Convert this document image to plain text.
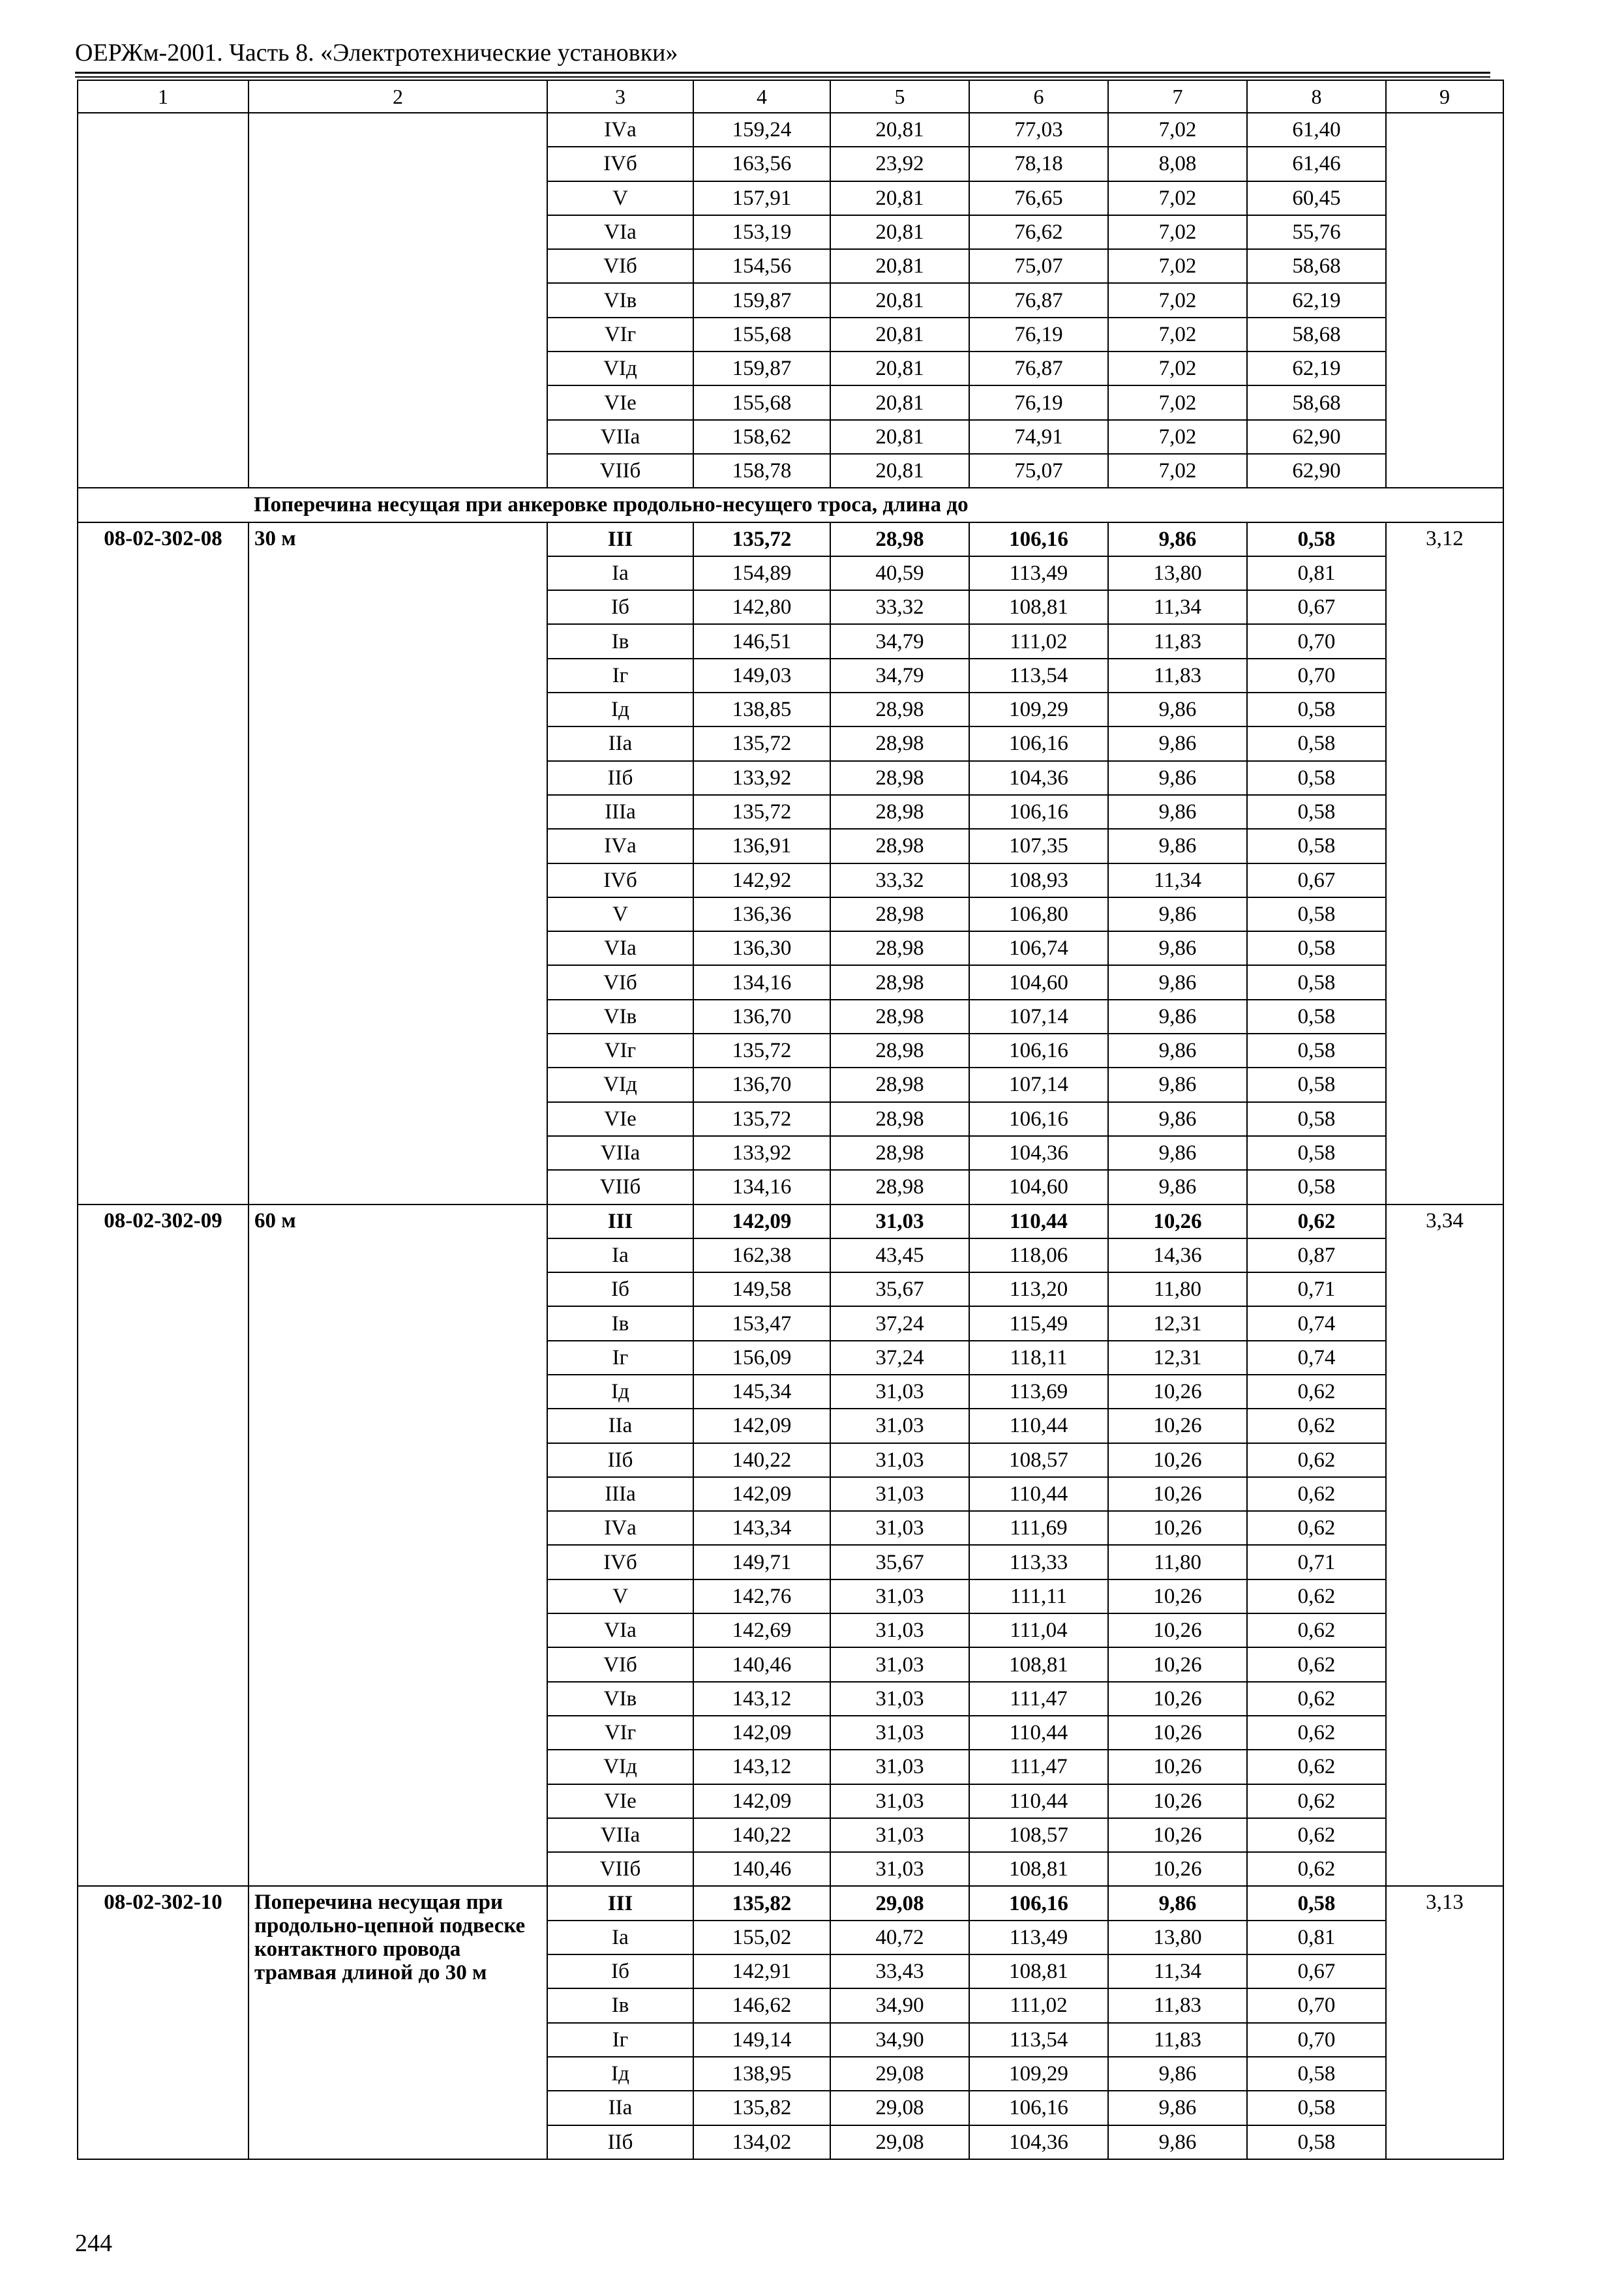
ОЕРЖм-2001. Часть 8. «Электротехнические установки»
1	2	3	4	5	6	7	8	9
		IVа	159,24	20,81	77,03	7,02	61,40	
		IVб	163,56	23,92	78,18	8,08	61,46	
		V	157,91	20,81	76,65	7,02	60,45	
		VIа	153,19	20,81	76,62	7,02	55,76	
		VIб	154,56	20,81	75,07	7,02	58,68	
		VIв	159,87	20,81	76,87	7,02	62,19	
		VIг	155,68	20,81	76,19	7,02	58,68	
		VIд	159,87	20,81	76,87	7,02	62,19	
		VIе	155,68	20,81	76,19	7,02	58,68	
		VIIа	158,62	20,81	74,91	7,02	62,90	
		VIIб	158,78	20,81	75,07	7,02	62,90	
	Поперечина несущая при анкеровке продольно-несущего троса, длина до							
08-02-302-08	30 м	III	135,72	28,98	106,16	9,86	0,58	3,12
		Iа	154,89	40,59	113,49	13,80	0,81	
		Iб	142,80	33,32	108,81	11,34	0,67	
		Iв	146,51	34,79	111,02	11,83	0,70	
		Iг	149,03	34,79	113,54	11,83	0,70	
		Iд	138,85	28,98	109,29	9,86	0,58	
		IIа	135,72	28,98	106,16	9,86	0,58	
		IIб	133,92	28,98	104,36	9,86	0,58	
		IIIа	135,72	28,98	106,16	9,86	0,58	
		IVа	136,91	28,98	107,35	9,86	0,58	
		IVб	142,92	33,32	108,93	11,34	0,67	
		V	136,36	28,98	106,80	9,86	0,58	
		VIа	136,30	28,98	106,74	9,86	0,58	
		VIб	134,16	28,98	104,60	9,86	0,58	
		VIв	136,70	28,98	107,14	9,86	0,58	
		VIг	135,72	28,98	106,16	9,86	0,58	
		VIд	136,70	28,98	107,14	9,86	0,58	
		VIе	135,72	28,98	106,16	9,86	0,58	
		VIIа	133,92	28,98	104,36	9,86	0,58	
		VIIб	134,16	28,98	104,60	9,86	0,58	
08-02-302-09	60 м	III	142,09	31,03	110,44	10,26	0,62	3,34
		Iа	162,38	43,45	118,06	14,36	0,87	
		Iб	149,58	35,67	113,20	11,80	0,71	
		Iв	153,47	37,24	115,49	12,31	0,74	
		Iг	156,09	37,24	118,11	12,31	0,74	
		Iд	145,34	31,03	113,69	10,26	0,62	
		IIа	142,09	31,03	110,44	10,26	0,62	
		IIб	140,22	31,03	108,57	10,26	0,62	
		IIIа	142,09	31,03	110,44	10,26	0,62	
		IVа	143,34	31,03	111,69	10,26	0,62	
		IVб	149,71	35,67	113,33	11,80	0,71	
		V	142,76	31,03	111,11	10,26	0,62	
		VIа	142,69	31,03	111,04	10,26	0,62	
		VIб	140,46	31,03	108,81	10,26	0,62	
		VIв	143,12	31,03	111,47	10,26	0,62	
		VIг	142,09	31,03	110,44	10,26	0,62	
		VIд	143,12	31,03	111,47	10,26	0,62	
		VIе	142,09	31,03	110,44	10,26	0,62	
		VIIа	140,22	31,03	108,57	10,26	0,62	
		VIIб	140,46	31,03	108,81	10,26	0,62	
08-02-302-10	Поперечина несущая при продольно-цепной подвеске контактного провода трамвая длиной до 30 м	III	135,82	29,08	106,16	9,86	0,58	3,13
		Iа	155,02	40,72	113,49	13,80	0,81	
		Iб	142,91	33,43	108,81	11,34	0,67	
		Iв	146,62	34,90	111,02	11,83	0,70	
		Iг	149,14	34,90	113,54	11,83	0,70	
		Iд	138,95	29,08	109,29	9,86	0,58	
		IIа	135,82	29,08	106,16	9,86	0,58	
		IIб	134,02	29,08	104,36	9,86	0,58	
244
